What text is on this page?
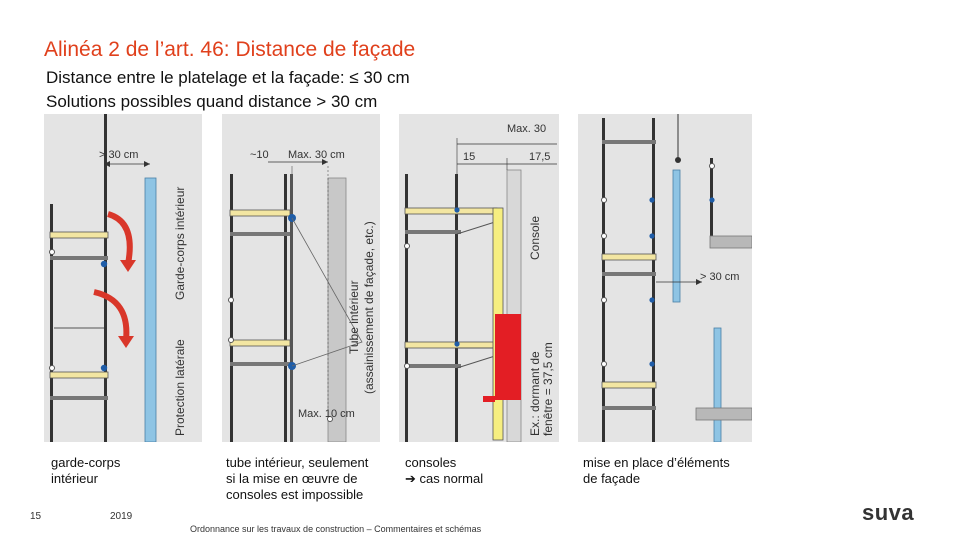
Alinéa 2 de l’art. 46: Distance de façade
Distance entre le platelage et la façade: ≤ 30 cm
Solutions possibles quand distance > 30 cm
> 30 cm
Garde-corps intérieur
Protection latérale
~10 Max. 30 cm
Max. 10 cm
Tube intérieur (assainissement de façade, etc.)
Max. 30
15	17,5
Console
Ex.: dormant de fenêtre = 37,5 cm
> 30 cm
garde-corps intérieur
tube intérieur, seulement si la mise en œuvre de consoles est impossible
consoles
➔ cas normal
mise en place d’éléments de façade
15	2019
Ordonnance sur les travaux de construction – Commentaires et schémas
suva
